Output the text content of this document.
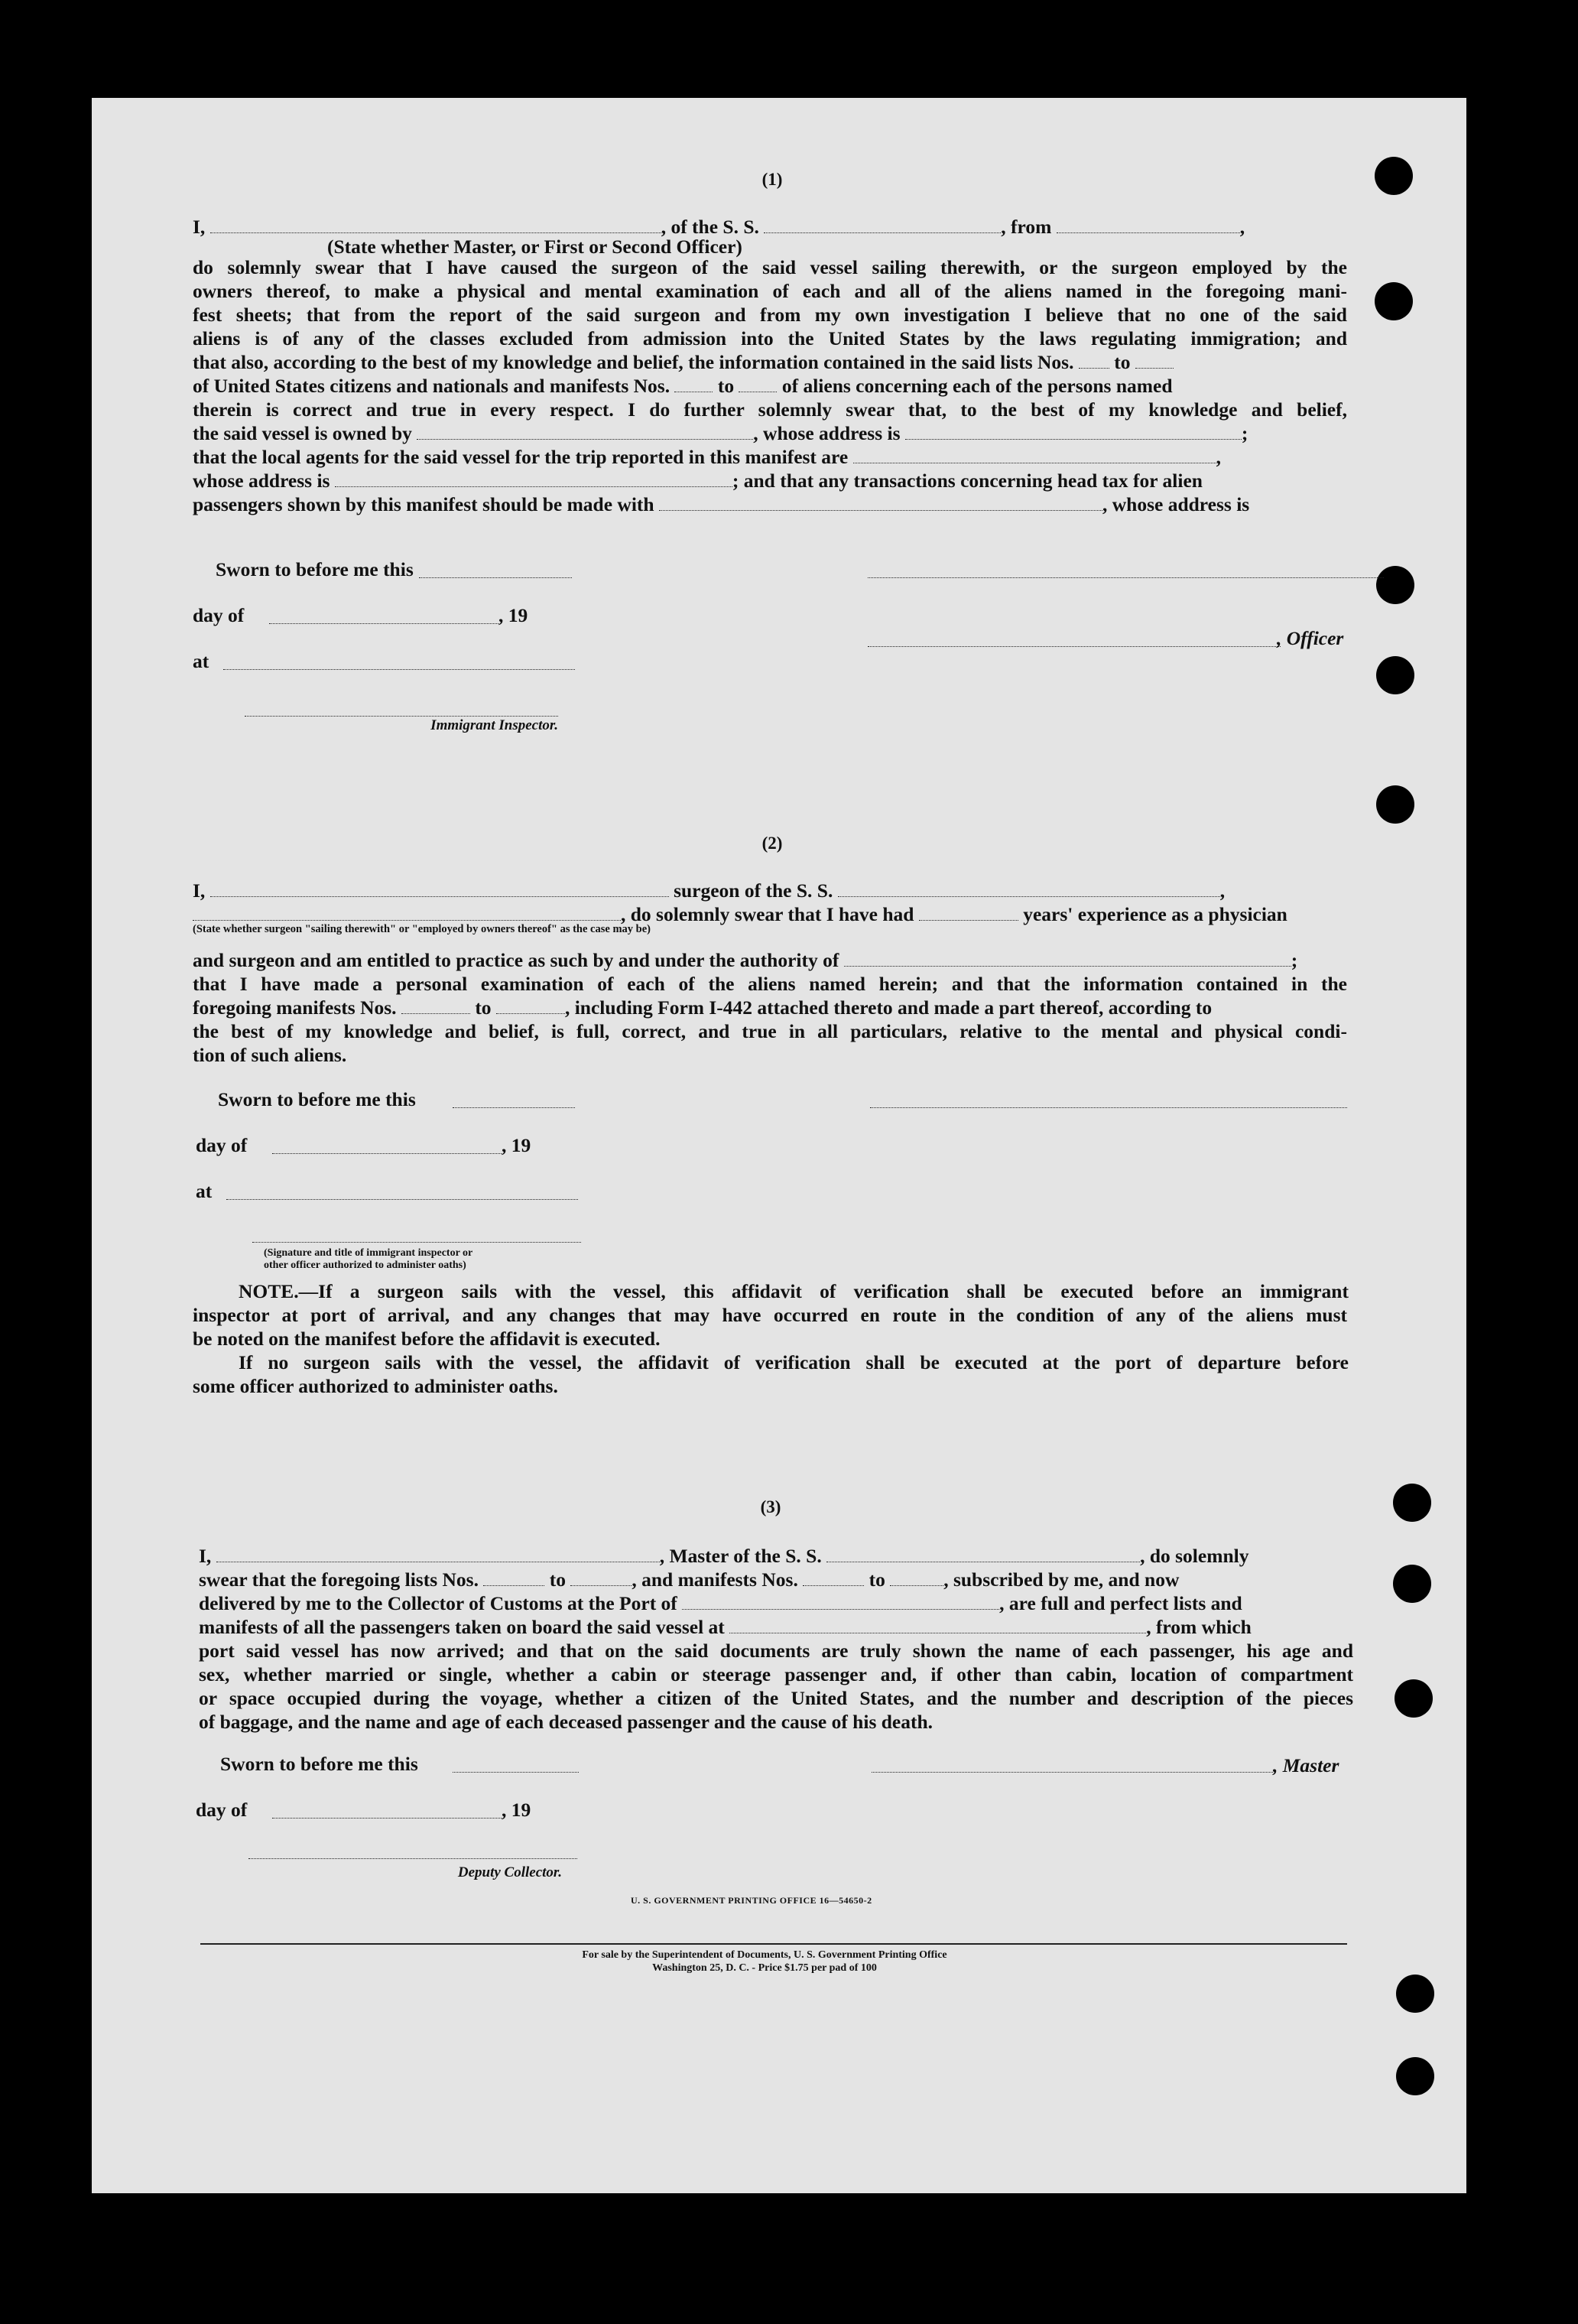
(1)
I,	, of the S. S.	, from	,
(State whether Master, or First or Second Officer)
do solemnly swear that I have caused the surgeon of the said vessel sailing therewith, or the surgeon employed by the
owners thereof, to make a physical and mental examination of each and all of the aliens named in the foregoing mani-
fest sheets; that from the report of the said surgeon and from my own investigation I believe that no one of the said
aliens is of any of the classes excluded from admission into the United States by the laws regulating immigration; and
that also, according to the best of my knowledge and belief, the information contained in the said lists Nos. to
of United States citizens and nationals and manifests Nos. to of aliens concerning each of the persons named
therein is correct and true in every respect. I do further solemnly swear that, to the best of my knowledge and belief,
the said vessel is owned by	, whose address is	;
that the local agents for the said vessel for the trip reported in this manifest are	,
whose address is	; and that any transactions concerning head tax for alien
passengers shown by this manifest should be made with	, whose address is
Sworn to before me this
day of	, 19
, Officer
at
Immigrant Inspector.
(2)
I,	surgeon of the S. S.	,
, do solemnly swear that I have had	years' experience as a physician
(State whether surgeon "sailing therewith" or "employed by owners thereof" as the case may be)
and surgeon and am entitled to practice as such by and under the authority of	;
that I have made a personal examination of each of the aliens named herein; and that the information contained in the
foregoing manifests Nos.	to	, including Form I-442 attached thereto and made a part thereof, according to
the best of my knowledge and belief, is full, correct, and true in all particulars, relative to the mental and physical condi-
tion of such aliens.
Sworn to before me this
day of	, 19
at
(Signature and title of immigrant inspector or
other officer authorized to administer oaths)
NOTE.—If a surgeon sails with the vessel, this affidavit of verification shall be executed before an immigrant
inspector at port of arrival, and any changes that may have occurred en route in the condition of any of the aliens must
be noted on the manifest before the affidavit is executed.
If no surgeon sails with the vessel, the affidavit of verification shall be executed at the port of departure before
some officer authorized to administer oaths.
(3)
I,	, Master of the S. S.	, do solemnly
swear that the foregoing lists Nos.	to	, and manifests Nos.	to	, subscribed by me, and now
delivered by me to the Collector of Customs at the Port of	, are full and perfect lists and
manifests of all the passengers taken on board the said vessel at	, from which
port said vessel has now arrived; and that on the said documents are truly shown the name of each passenger, his age and
sex, whether married or single, whether a cabin or steerage passenger and, if other than cabin, location of compartment
or space occupied during the voyage, whether a citizen of the United States, and the number and description of the pieces
of baggage, and the name and age of each deceased passenger and the cause of his death.
Sworn to before me this	, Master
day of	, 19
Deputy Collector.
U. S. GOVERNMENT PRINTING OFFICE 16—54650-2
For sale by the Superintendent of Documents, U. S. Government Printing Office
Washington 25, D. C. - Price $1.75 per pad of 100
